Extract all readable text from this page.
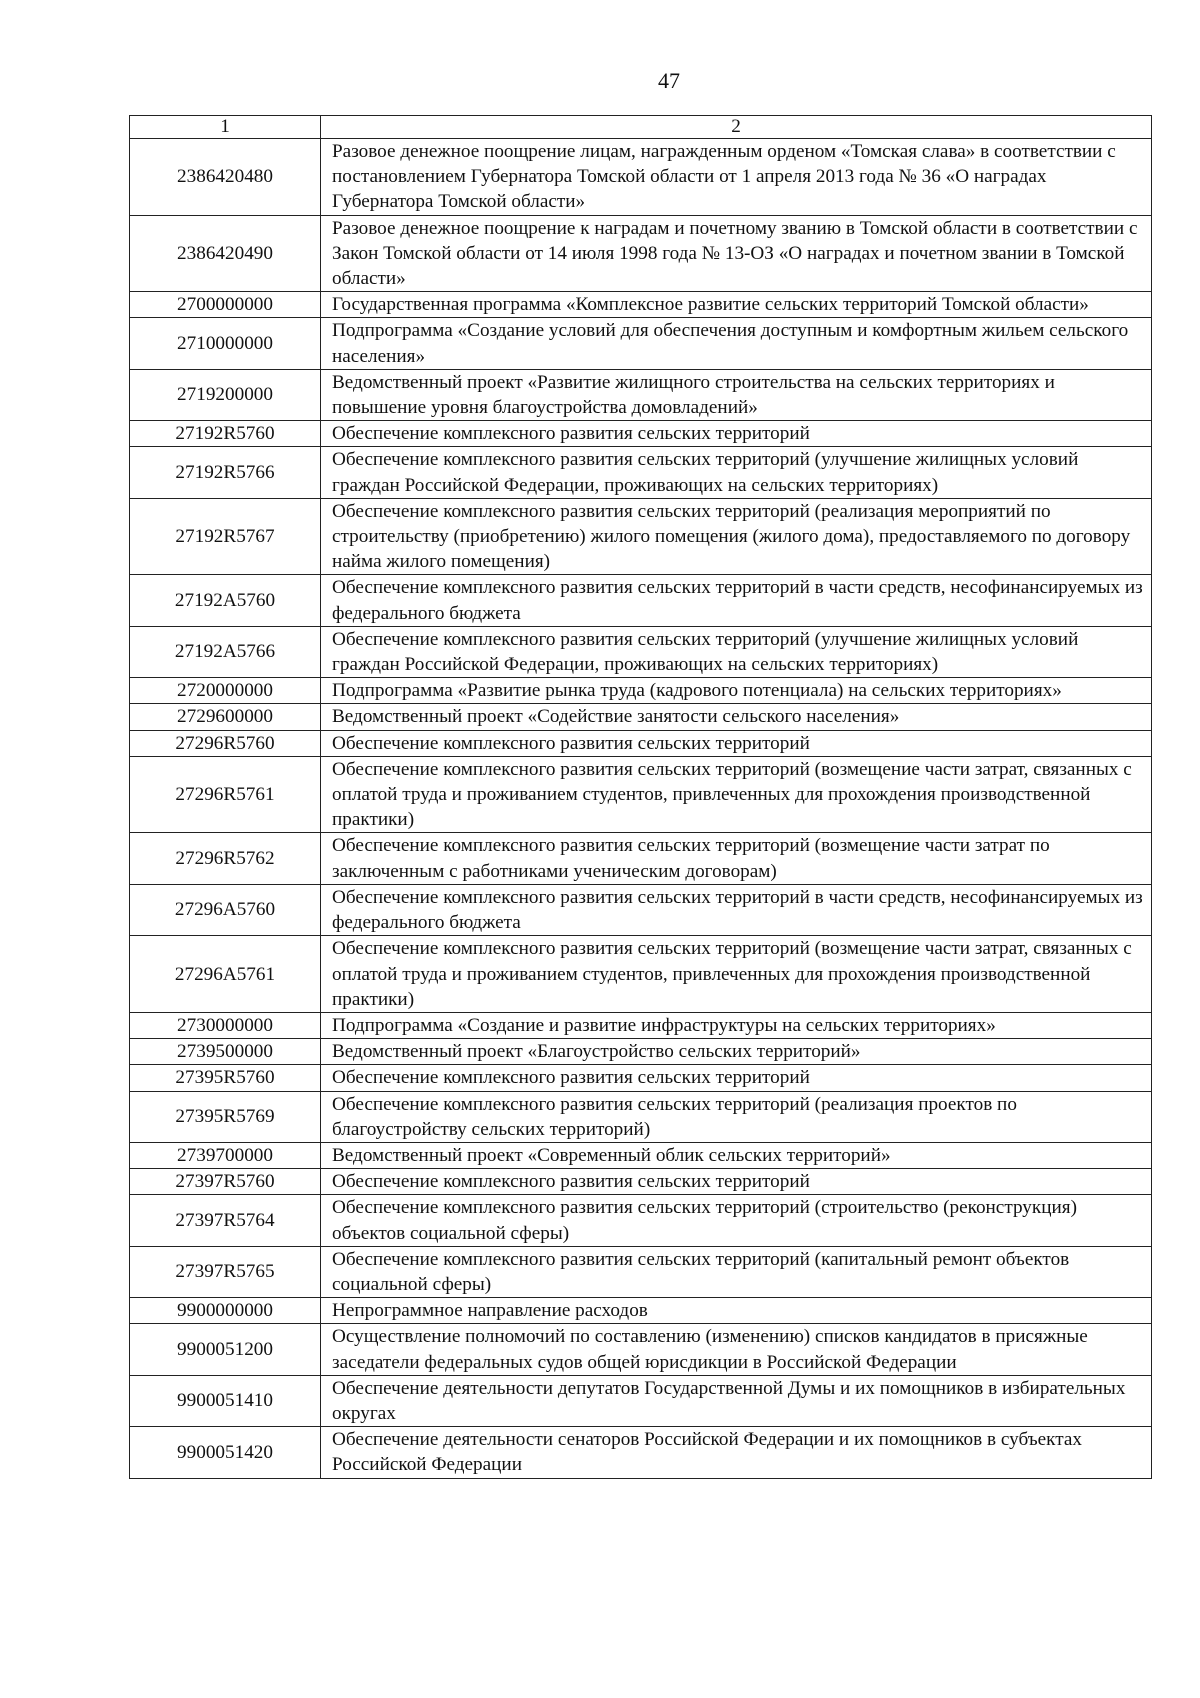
47
1	2
2386420480	Разовое денежное поощрение лицам, награжденным орденом «Томская слава» в соответствии с постановлением Губернатора Томской области от 1 апреля 2013 года № 36 «О наградах Губернатора Томской области»
2386420490	Разовое денежное поощрение к наградам и почетному званию в Томской области в соответствии с Закон Томской области от 14 июля 1998 года № 13-ОЗ «О наградах и почетном звании в Томской области»
2700000000	Государственная программа «Комплексное развитие сельских территорий Томской области»
2710000000	Подпрограмма «Создание условий для обеспечения доступным и комфортным жильем сельского населения»
2719200000	Ведомственный проект «Развитие жилищного строительства на сельских территориях и повышение уровня благоустройства домовладений»
27192R5760	Обеспечение комплексного развития сельских территорий
27192R5766	Обеспечение комплексного развития сельских территорий (улучшение жилищных условий граждан Российской Федерации, проживающих на сельских территориях)
27192R5767	Обеспечение комплексного развития сельских территорий (реализация мероприятий по строительству (приобретению) жилого помещения (жилого дома), предоставляемого по договору найма жилого помещения)
27192A5760	Обеспечение комплексного развития сельских территорий в части средств, несофинансируемых из федерального бюджета
27192A5766	Обеспечение комплексного развития сельских территорий (улучшение жилищных условий граждан Российской Федерации, проживающих на сельских территориях)
2720000000	Подпрограмма «Развитие рынка труда (кадрового потенциала) на сельских территориях»
2729600000	Ведомственный проект «Содействие занятости сельского населения»
27296R5760	Обеспечение комплексного развития сельских территорий
27296R5761	Обеспечение комплексного развития сельских территорий (возмещение части затрат, связанных с оплатой труда и проживанием студентов, привлеченных для прохождения производственной практики)
27296R5762	Обеспечение комплексного развития сельских территорий (возмещение части затрат по заключенным с работниками ученическим договорам)
27296A5760	Обеспечение комплексного развития сельских территорий в части средств, несофинансируемых из федерального бюджета
27296A5761	Обеспечение комплексного развития сельских территорий (возмещение части затрат, связанных с оплатой труда и проживанием студентов, привлеченных для прохождения производственной практики)
2730000000	Подпрограмма «Создание и развитие инфраструктуры на сельских территориях»
2739500000	Ведомственный проект «Благоустройство сельских территорий»
27395R5760	Обеспечение комплексного развития сельских территорий
27395R5769	Обеспечение комплексного развития сельских территорий (реализация проектов по благоустройству сельских территорий)
2739700000	Ведомственный проект «Современный облик сельских территорий»
27397R5760	Обеспечение комплексного развития сельских территорий
27397R5764	Обеспечение комплексного развития сельских территорий (строительство (реконструкция) объектов социальной сферы)
27397R5765	Обеспечение комплексного развития сельских территорий (капитальный ремонт объектов социальной сферы)
9900000000	Непрограммное направление расходов
9900051200	Осуществление полномочий по составлению (изменению) списков кандидатов в присяжные заседатели федеральных судов общей юрисдикции в Российской Федерации
9900051410	Обеспечение деятельности депутатов Государственной Думы и их помощников в избирательных округах
9900051420	Обеспечение деятельности сенаторов Российской Федерации и их помощников в субъектах Российской Федерации
